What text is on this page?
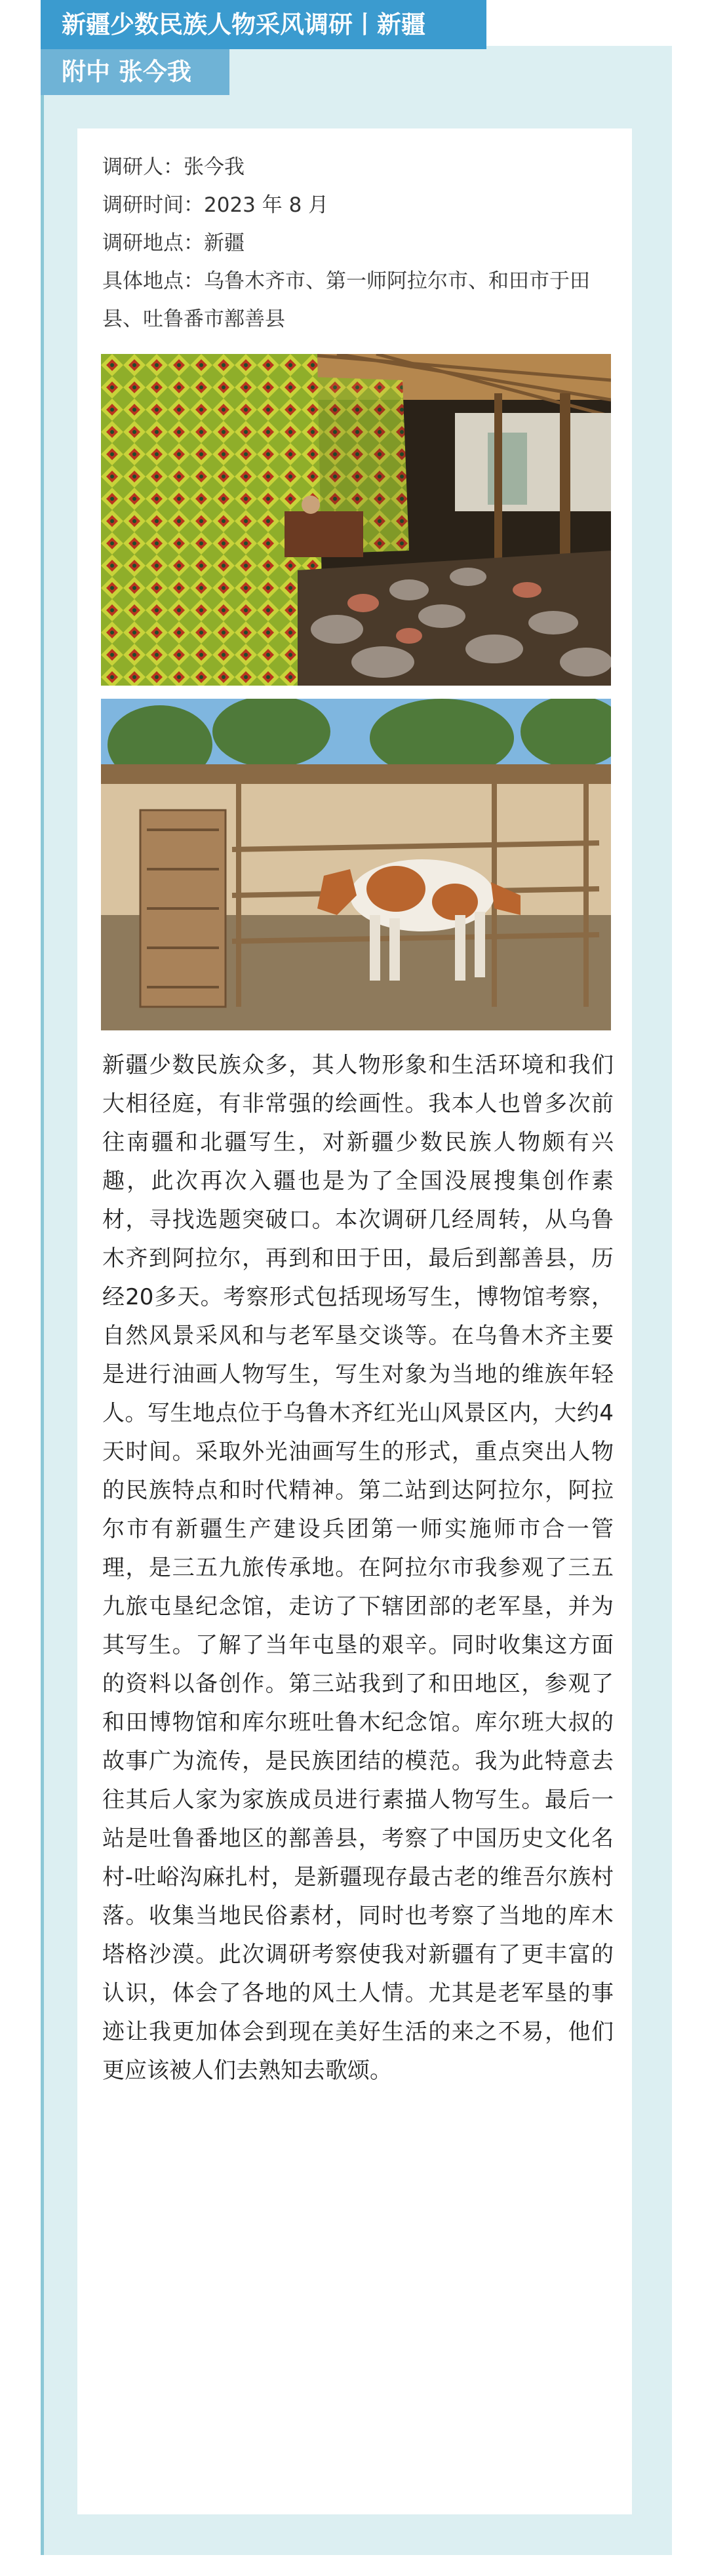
新疆少数民族人物采风调研丨新疆
附中 张今我
调研人：张今我
调研时间：2023 年 8 月
调研地点：新疆
具体地点：乌鲁木齐市、第一师阿拉尔市、和田市于田县、吐鲁番市鄯善县
新疆少数民族众多，其人物形象和生活环境和我们大相径庭，有非常强的绘画性。我本人也曾多次前往南疆和北疆写生，对新疆少数民族人物颇有兴趣，此次再次入疆也是为了全国没展搜集创作素材，寻找选题突破口。本次调研几经周转，从乌鲁木齐到阿拉尔，再到和田于田，最后到鄯善县，历经20多天。考察形式包括现场写生，博物馆考察，自然风景采风和与老军垦交谈等。在乌鲁木齐主要是进行油画人物写生，写生对象为当地的维族年轻人。写生地点位于乌鲁木齐红光山风景区内，大约4天时间。采取外光油画写生的形式，重点突出人物的民族特点和时代精神。第二站到达阿拉尔，阿拉尔市有新疆生产建设兵团第一师实施师市合一管理，是三五九旅传承地。在阿拉尔市我参观了三五九旅屯垦纪念馆，走访了下辖团部的老军垦，并为其写生。了解了当年屯垦的艰辛。同时收集这方面的资料以备创作。第三站我到了和田地区，参观了和田博物馆和库尔班吐鲁木纪念馆。库尔班大叔的故事广为流传，是民族团结的模范。我为此特意去往其后人家为家族成员进行素描人物写生。最后一站是吐鲁番地区的鄯善县，考察了中国历史文化名村-吐峪沟麻扎村，是新疆现存最古老的维吾尔族村落。收集当地民俗素材，同时也考察了当地的库木塔格沙漠。此次调研考察使我对新疆有了更丰富的认识，体会了各地的风土人情。尤其是老军垦的事迹让我更加体会到现在美好生活的来之不易，他们更应该被人们去熟知去歌颂。
